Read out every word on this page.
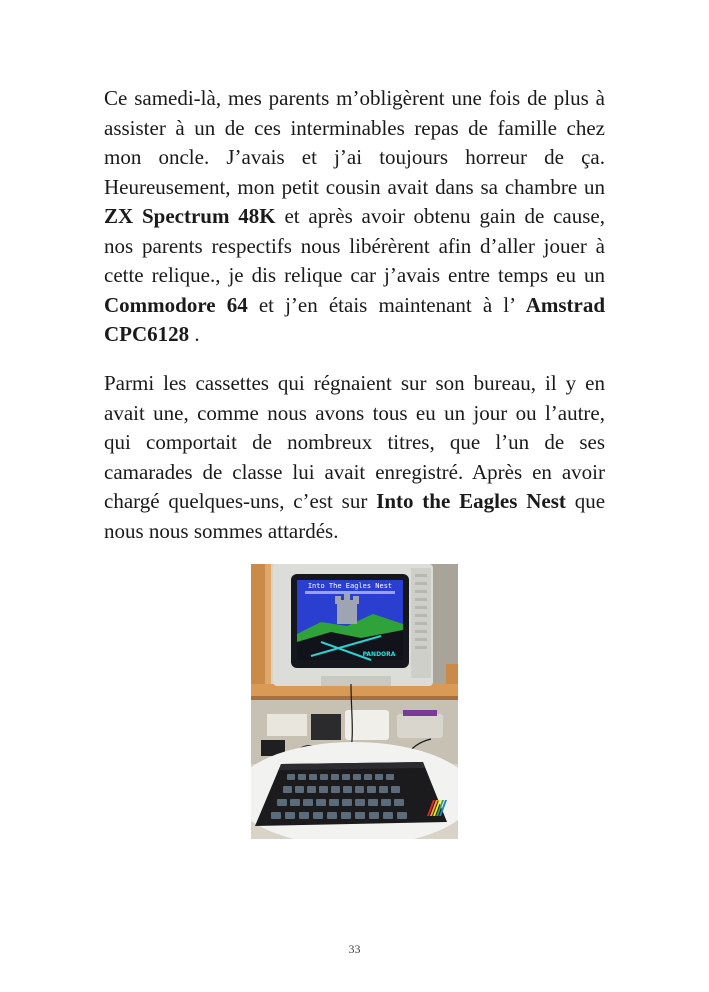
Ce samedi-là, mes parents m’obligèrent une fois de plus à assister à un de ces interminables repas de famille chez mon oncle. J’avais et j’ai toujours horreur de ça. Heureusement, mon petit cousin avait dans sa chambre un ZX Spectrum 48K et après avoir obtenu gain de cause, nos parents respectifs nous libérèrent afin d’aller jouer à cette relique., je dis relique car j’avais entre temps eu un Commodore 64 et j’en étais maintenant à l’ Amstrad CPC6128 .

Parmi les cassettes qui régnaient sur son bureau, il y en avait une, comme nous avons tous eu un jour ou l’autre, qui comportait de nombreux titres, que l’un de ses camarades de classe lui avait enregistré. Après en avoir chargé quelques-uns, c’est sur Into the Eagles Nest que nous nous sommes attardés.

Into The Eagles Nest
PANDORA
33
